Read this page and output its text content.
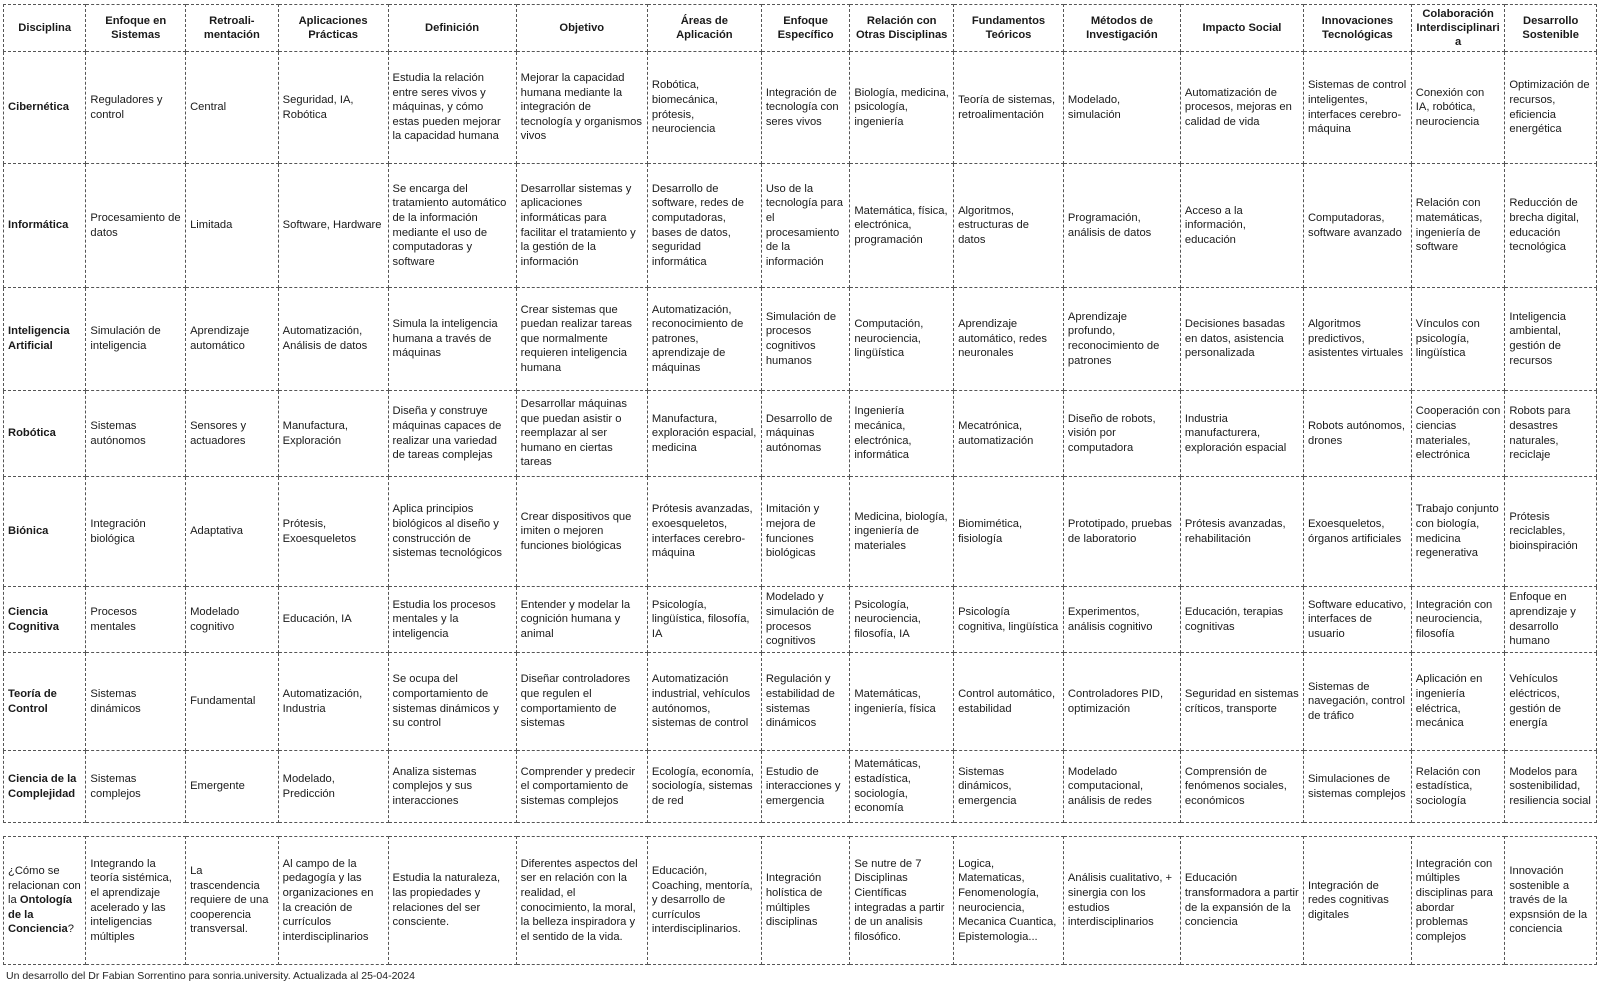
Disciplina	Enfoque en Sistemas	Retroali-mentación	Aplicaciones Prácticas	Definición	Objetivo	Áreas de Aplicación	Enfoque Específico	Relación con Otras Disciplinas	Fundamentos Teóricos	Métodos de Investigación	Impacto Social	Innovaciones Tecnológicas	Colaboración Interdisciplinaria	Desarrollo Sostenible
Cibernética	Reguladores y control	Central	Seguridad, IA, Robótica	Estudia la relación entre seres vivos y máquinas, y cómo estas pueden mejorar la capacidad humana	Mejorar la capacidad humana mediante la integración de tecnología y organismos vivos	Robótica, biomecánica, prótesis, neurociencia	Integración de tecnología con seres vivos	Biología, medicina, psicología, ingeniería	Teoría de sistemas, retroalimentación	Modelado, simulación	Automatización de procesos, mejoras en calidad de vida	Sistemas de control inteligentes, interfaces cerebro-máquina	Conexión con IA, robótica, neurociencia	Optimización de recursos, eficiencia energética
Informática	Procesamiento de datos	Limitada	Software, Hardware	Se encarga del tratamiento automático de la información mediante el uso de computadoras y software	Desarrollar sistemas y aplicaciones informáticas para facilitar el tratamiento y la gestión de la información	Desarrollo de software, redes de computadoras, bases de datos, seguridad informática	Uso de la tecnología para el procesamiento de la información	Matemática, física, electrónica, programación	Algoritmos, estructuras de datos	Programación, análisis de datos	Acceso a la información, educación	Computadoras, software avanzado	Relación con matemáticas, ingeniería de software	Reducción de brecha digital, educación tecnológica
Inteligencia Artificial	Simulación de inteligencia	Aprendizaje automático	Automatización, Análisis de datos	Simula la inteligencia humana a través de máquinas	Crear sistemas que puedan realizar tareas que normalmente requieren inteligencia humana	Automatización, reconocimiento de patrones, aprendizaje de máquinas	Simulación de procesos cognitivos humanos	Computación, neurociencia, lingüística	Aprendizaje automático, redes neuronales	Aprendizaje profundo, reconocimiento de patrones	Decisiones basadas en datos, asistencia personalizada	Algoritmos predictivos, asistentes virtuales	Vínculos con psicología, lingüística	Inteligencia ambiental, gestión de recursos
Robótica	Sistemas autónomos	Sensores y actuadores	Manufactura, Exploración	Diseña y construye máquinas capaces de realizar una variedad de tareas complejas	Desarrollar máquinas que puedan asistir o reemplazar al ser humano en ciertas tareas	Manufactura, exploración espacial, medicina	Desarrollo de máquinas autónomas	Ingeniería mecánica, electrónica, informática	Mecatrónica, automatización	Diseño de robots, visión por computadora	Industria manufacturera, exploración espacial	Robots autónomos, drones	Cooperación con ciencias materiales, electrónica	Robots para desastres naturales, reciclaje
Biónica	Integración biológica	Adaptativa	Prótesis, Exoesqueletos	Aplica principios biológicos al diseño y construcción de sistemas tecnológicos	Crear dispositivos que imiten o mejoren funciones biológicas	Prótesis avanzadas, exoesqueletos, interfaces cerebro-máquina	Imitación y mejora de funciones biológicas	Medicina, biología, ingeniería de materiales	Biomimética, fisiología	Prototipado, pruebas de laboratorio	Prótesis avanzadas, rehabilitación	Exoesqueletos, órganos artificiales	Trabajo conjunto con biología, medicina regenerativa	Prótesis reciclables, bioinspiración
Ciencia Cognitiva	Procesos mentales	Modelado cognitivo	Educación, IA	Estudia los procesos mentales y la inteligencia	Entender y modelar la cognición humana y animal	Psicología, lingüística, filosofía, IA	Modelado y simulación de procesos cognitivos	Psicología, neurociencia, filosofía, IA	Psicología cognitiva, lingüística	Experimentos, análisis cognitivo	Educación, terapias cognitivas	Software educativo, interfaces de usuario	Integración con neurociencia, filosofía	Enfoque en aprendizaje y desarrollo humano
Teoría de Control	Sistemas dinámicos	Fundamental	Automatización, Industria	Se ocupa del comportamiento de sistemas dinámicos y su control	Diseñar controladores que regulen el comportamiento de sistemas	Automatización industrial, vehículos autónomos, sistemas de control	Regulación y estabilidad de sistemas dinámicos	Matemáticas, ingeniería, física	Control automático, estabilidad	Controladores PID, optimización	Seguridad en sistemas críticos, transporte	Sistemas de navegación, control de tráfico	Aplicación en ingeniería eléctrica, mecánica	Vehículos eléctricos, gestión de energía
Ciencia de la Complejidad	Sistemas complejos	Emergente	Modelado, Predicción	Analiza sistemas complejos y sus interacciones	Comprender y predecir el comportamiento de sistemas complejos	Ecología, economía, sociología, sistemas de red	Estudio de interacciones y emergencia	Matemáticas, estadística, sociología, economía	Sistemas dinámicos, emergencia	Modelado computacional, análisis de redes	Comprensión de fenómenos sociales, económicos	Simulaciones de sistemas complejos	Relación con estadística, sociología	Modelos para sostenibilidad, resiliencia social
¿Cómo se relacionan con la Ontología de la Conciencia?	Integrando la teoría sistémica, el aprendizaje acelerado y las inteligencias múltiples	La trascendencia requiere de una cooperencia transversal.	Al campo de la pedagogía y las organizaciones en la creación de currículos interdisciplinarios	Estudia la naturaleza, las propiedades y relaciones del ser consciente.	Diferentes aspectos del ser en relación con la realidad, el conocimiento, la moral, la belleza inspiradora y el sentido de la vida.	Educación, Coaching, mentoría, y desarrollo de currículos interdisciplinarios.	Integración holística de múltiples disciplinas	Se nutre de 7 Disciplinas Científicas integradas a partir de un analisis filosófico.	Logica, Matematicas, Fenomenología, neurociencia, Mecanica Cuantica, Epistemologia...	Análisis cualitativo, + sinergia con los estudios interdisciplinarios	Educación transformadora a partir de la expansión de la conciencia	Integración de redes cognitivas digitales	Integración con múltiples disciplinas para abordar problemas complejos	Innovación sostenible a través de la expsnsión de la conciencia
Un desarrollo del Dr Fabian Sorrentino para sonria.university. Actualizada al 25-04-2024
